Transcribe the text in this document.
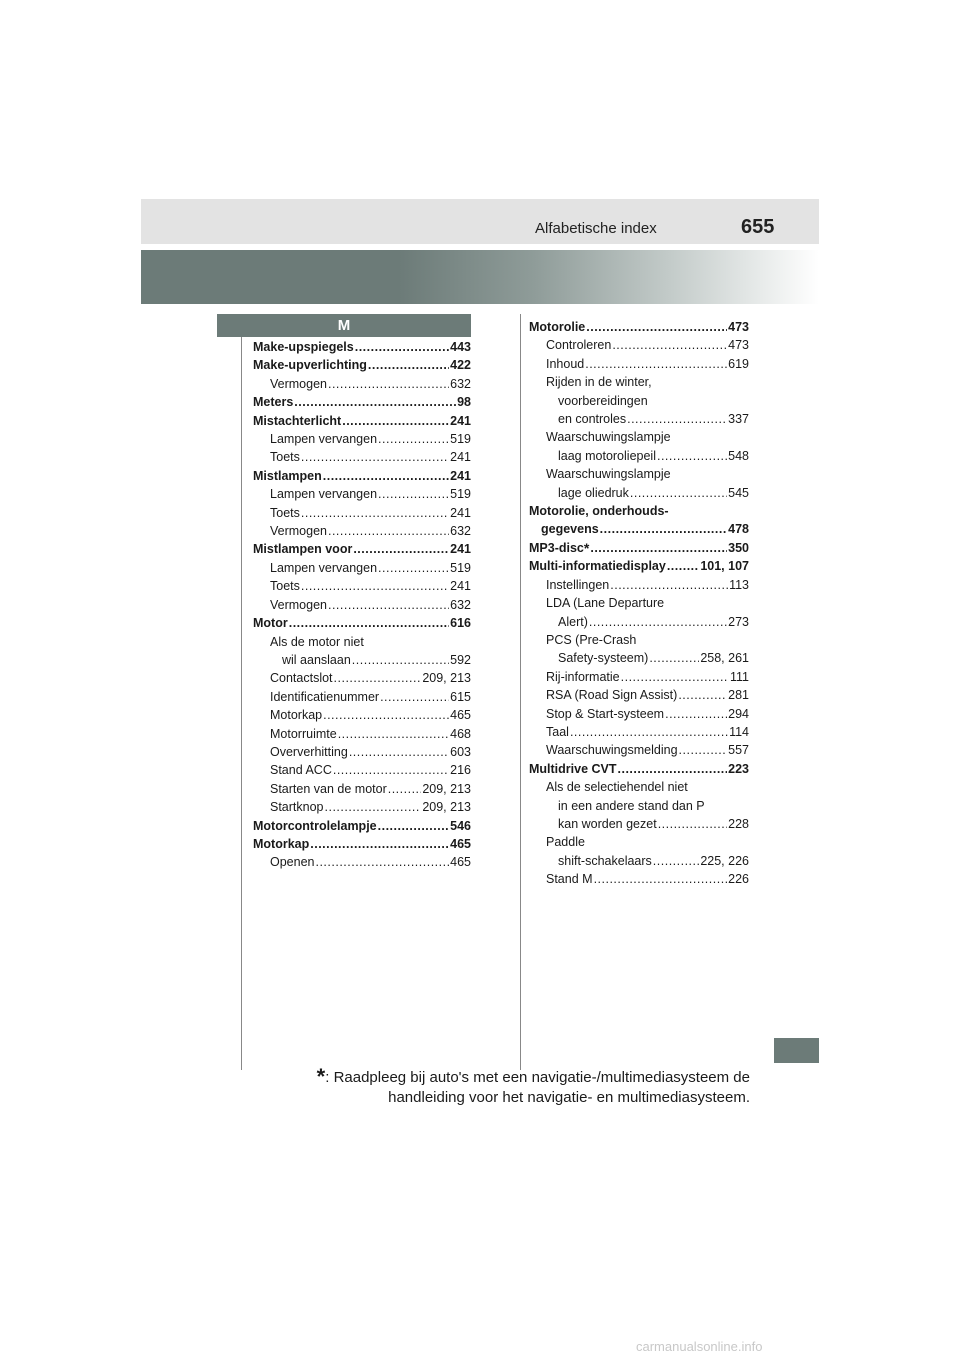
Alfabetische index	655
M
Make-upspiegels .....	443
Make-upverlichting .....	422
Vermogen .....	632
Meters .....	98
Mistachterlicht .....	241
Lampen vervangen .....	519
Toets .....	241
Mistlampen .....	241
Lampen vervangen .....	519
Toets .....	241
Vermogen .....	632
Mistlampen voor .....	241
Lampen vervangen .....	519
Toets .....	241
Vermogen .....	632
Motor .....	616
Als de motor niet
wil aanslaan .....	592
Contactslot .....	209, 213
Identificatienummer .....	615
Motorkap .....	465
Motorruimte .....	468
Oververhitting .....	603
Stand ACC .....	216
Starten van de motor .....	209, 213
Startknop .....	209, 213
Motorcontrolelampje .....	546
Motorkap .....	465
Openen .....	465
Motorolie .....	473
Controleren .....	473
Inhoud .....	619
Rijden in de winter,
voorbereidingen
en controles .....	337
Waarschuwingslampje
laag motoroliepeil .....	548
Waarschuwingslampje
lage oliedruk .....	545
Motorolie, onderhouds-
gegevens .....	478
MP3-disc* .....	350
Multi-informatiedisplay .....	101, 107
Instellingen .....	113
LDA (Lane Departure
Alert) .....	273
PCS (Pre-Crash
Safety-systeem) .....	258, 261
Rij-informatie .....	111
RSA (Road Sign Assist) .....	281
Stop & Start-systeem .....	294
Taal .....	114
Waarschuwingsmelding .....	557
Multidrive CVT .....	223
Als de selectiehendel niet
in een andere stand dan P
kan worden gezet .....	228
Paddle
shift-schakelaars .....	225, 226
Stand M .....	226
*: Raadpleeg bij auto's met een navigatie-/multimediasysteem de
handleiding voor het navigatie- en multimediasysteem.
carmanualsonline.info
